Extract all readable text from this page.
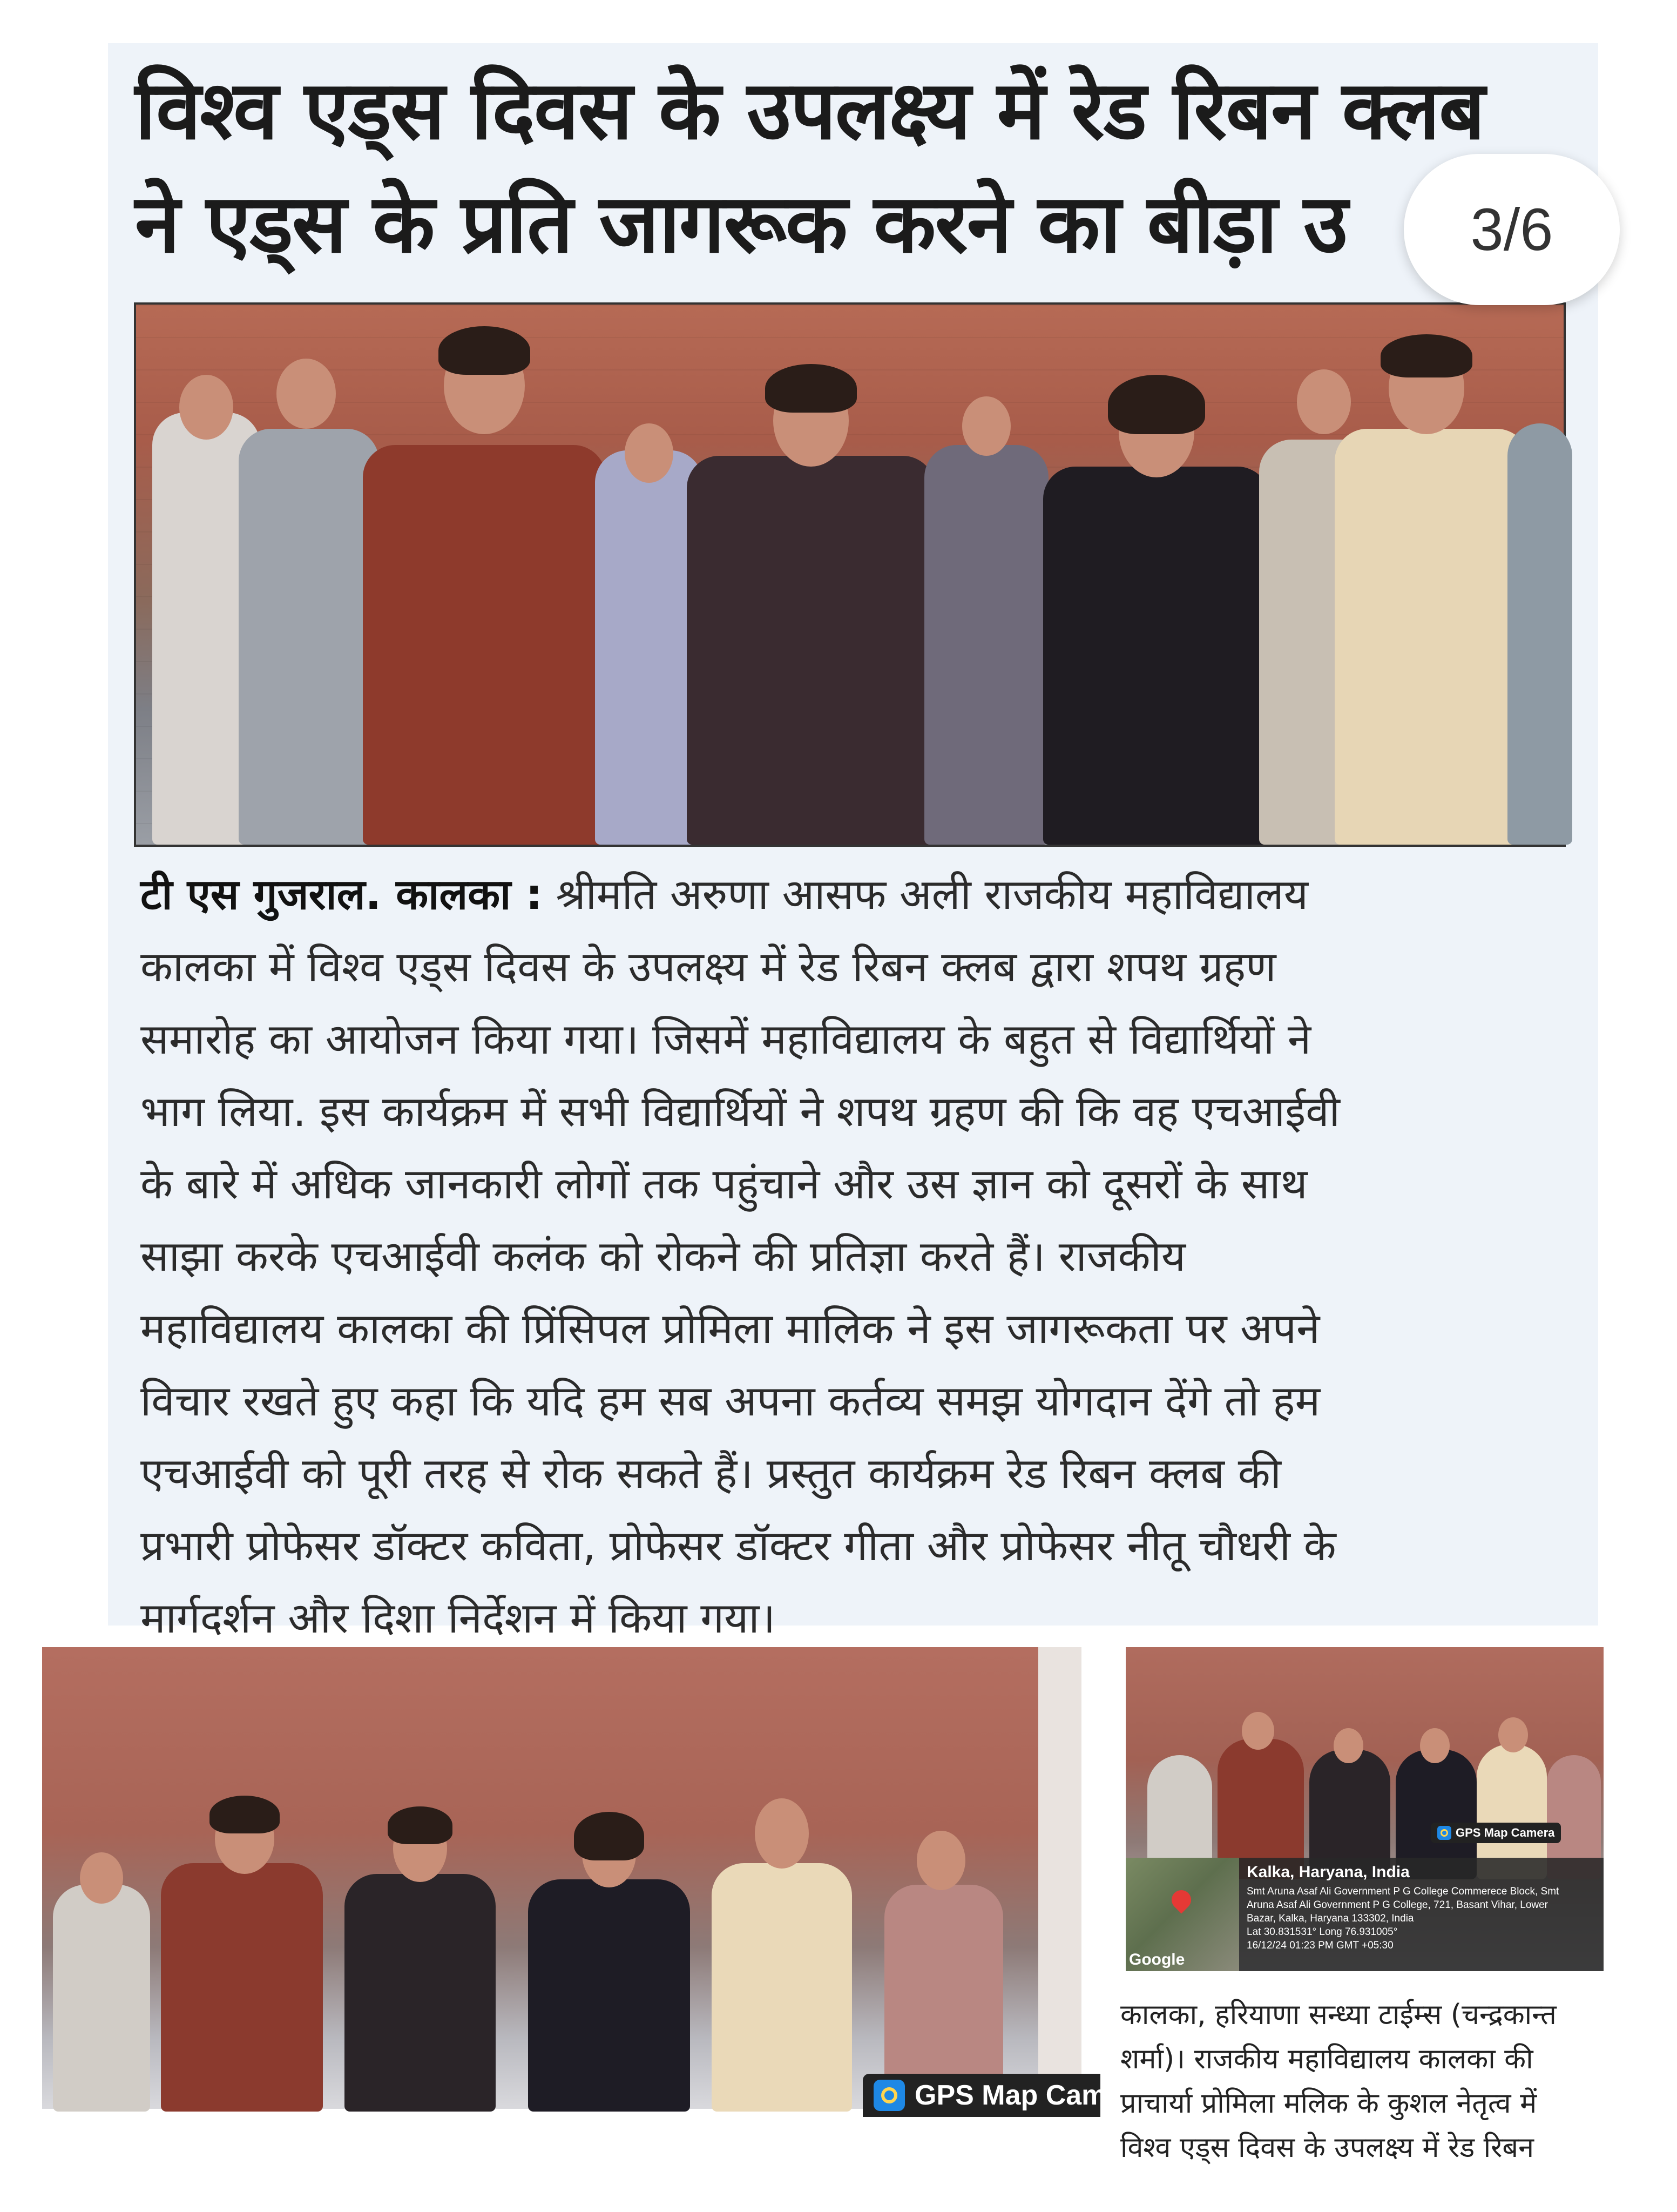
विश्व एड्स दिवस के उपलक्ष्य में रेड रिबन क्लब
ने एड्स के प्रति जागरूक करने का बीड़ा उ
टी एस गुजराल. कालका : श्रीमति अरुणा आसफ अली राजकीय महाविद्यालय
कालका में विश्व एड्स दिवस के उपलक्ष्य में रेड रिबन क्लब द्वारा शपथ ग्रहण
समारोह का आयोजन किया गया। जिसमें महाविद्यालय के बहुत से विद्यार्थियों ने
भाग लिया. इस कार्यक्रम में सभी विद्यार्थियों ने शपथ ग्रहण की कि वह एचआईवी
के बारे में अधिक जानकारी लोगों तक पहुंचाने और उस ज्ञान को दूसरों के साथ
साझा करके एचआईवी कलंक को रोकने की प्रतिज्ञा करते हैं। राजकीय
महाविद्यालय कालका की प्रिंसिपल प्रोमिला मालिक ने इस जागरूकता पर अपने
विचार रखते हुए कहा कि यदि हम सब अपना कर्तव्य समझ योगदान देंगे तो हम
एचआईवी को पूरी तरह से रोक सकते हैं। प्रस्तुत कार्यक्रम रेड रिबन क्लब की
प्रभारी प्रोफेसर डॉक्टर कविता, प्रोफेसर डॉक्टर गीता और प्रोफेसर नीतू चौधरी के
मार्गदर्शन और दिशा निर्देशन में किया गया।
3/6
GPS Map Cam
Google
Kalka, Haryana, India
Smt Aruna Asaf Ali Government P G College Commerece Block, Smt
Aruna Asaf Ali Government P G College, 721, Basant Vihar, Lower
Bazar, Kalka, Haryana 133302, India
Lat 30.831531° Long 76.931005°
16/12/24 01:23 PM GMT +05:30
GPS Map Camera
कालका, हरियाणा सन्ध्या टाईम्स (चन्द्रकान्त
शर्मा)। राजकीय महाविद्यालय कालका की
प्राचार्या प्रोमिला मलिक के कुशल नेतृत्व में
विश्व एड्स दिवस के उपलक्ष्य में रेड रिबन
